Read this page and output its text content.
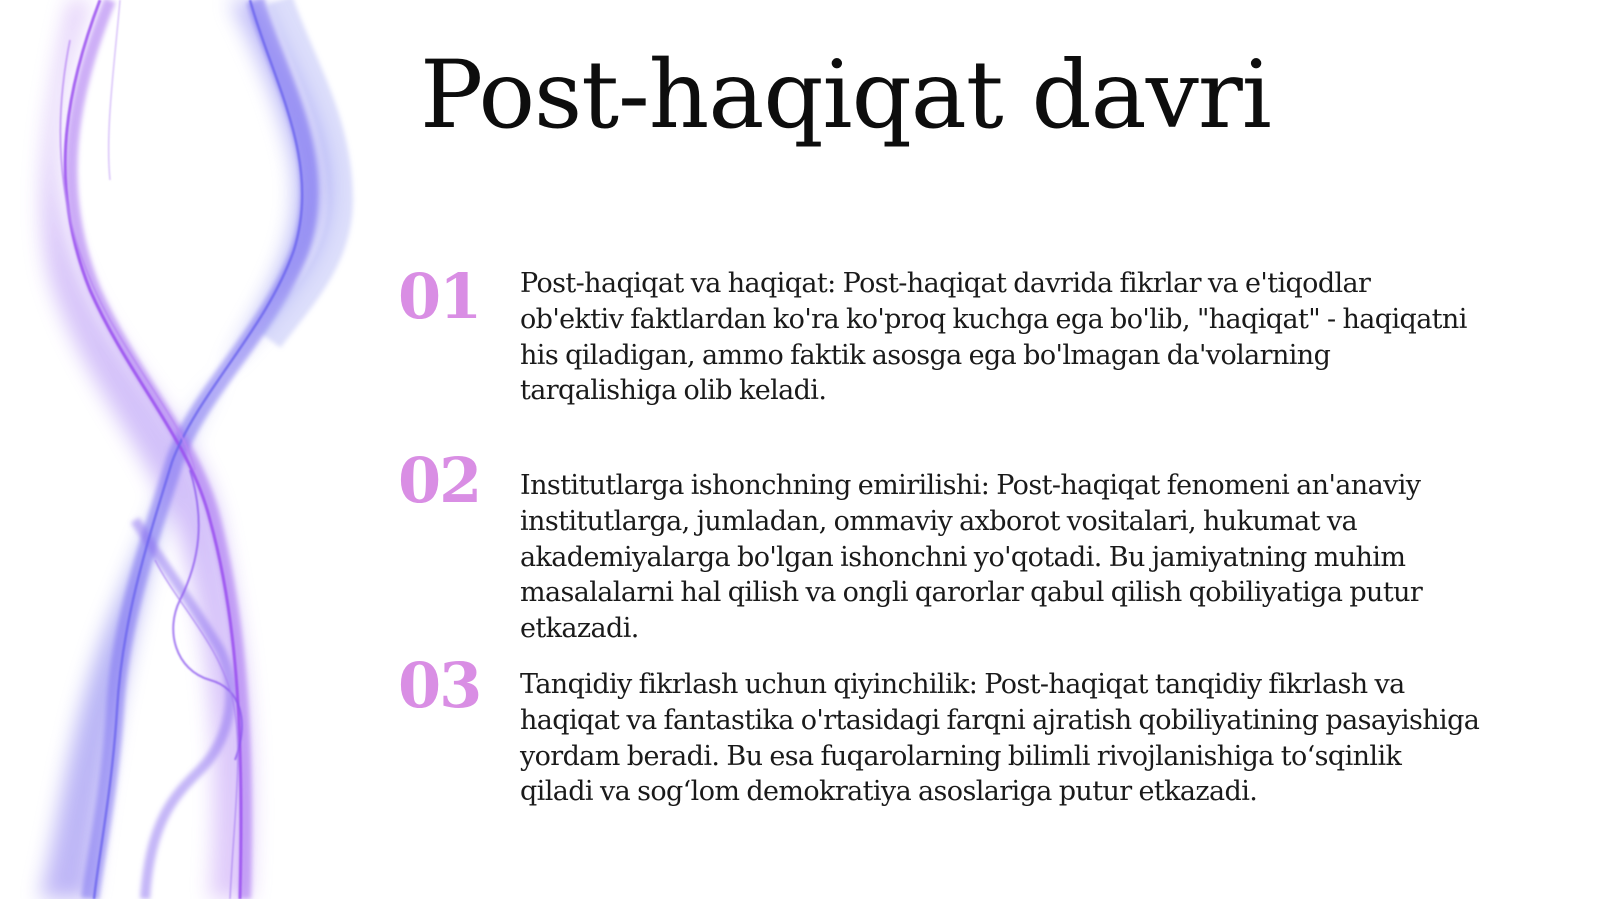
Post-haqiqat davri
01 Post-haqiqat va haqiqat: Post-haqiqat davrida fikrlar va e'tiqodlar ob'ektiv faktlardan ko'ra ko'proq kuchga ega bo'lib, "haqiqat" - haqiqatni his qiladigan, ammo faktik asosga ega bo'lmagan da'volarning tarqalishiga olib keladi.

02 Institutlarga ishonchning emirilishi: Post-haqiqat fenomeni an'anaviy institutlarga, jumladan, ommaviy axborot vositalari, hukumat va akademiyalarga bo'lgan ishonchni yo'qotadi. Bu jamiyatning muhim masalalarni hal qilish va ongli qarorlar qabul qilish qobiliyatiga putur etkazadi.

03 Tanqidiy fikrlash uchun qiyinchilik: Post-haqiqat tanqidiy fikrlash va haqiqat va fantastika o'rtasidagi farqni ajratish qobiliyatining pasayishiga yordam beradi. Bu esa fuqarolarning bilimli rivojlanishiga to‘sqinlik qiladi va sog‘lom demokratiya asoslariga putur etkazadi.
